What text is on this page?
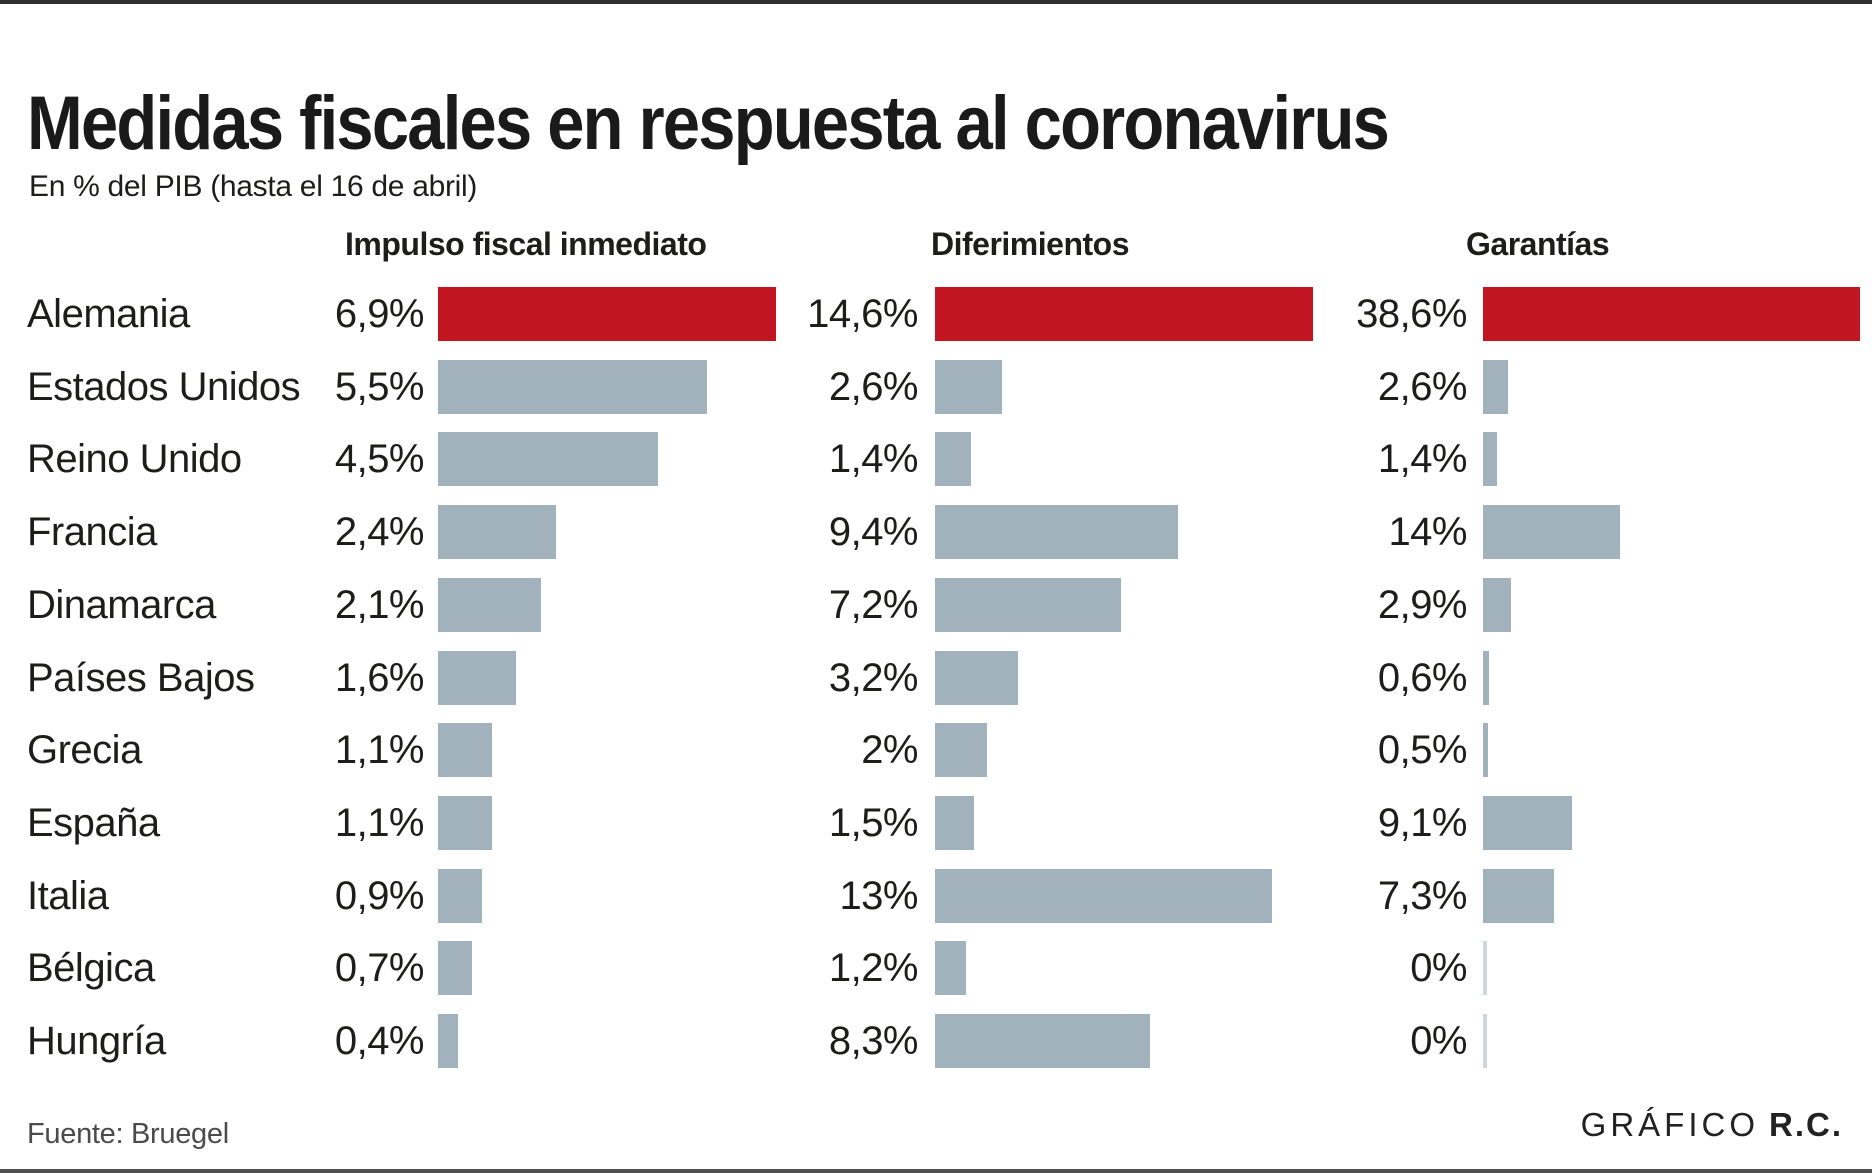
Medidas fiscales en respuesta al coronavirus
En % del PIB (hasta el 16 de abril)
Impulso fiscal inmediato	Diferimientos	Garantías
Alemania	6,9%	14,6%	38,6%
Estados Unidos 5,5%	2,6%	2,6%
Reino Unido	4,5%	1,4%	1,4%
Francia	2,4%	9,4%	14%
Dinamarca	2,1%	7,2%	2,9%
Países Bajos	1,6%	3,2%	0,6%
Grecia	1,1%	2%	0,5%
España	1,1%	1,5%	9,1%
Italia	0,9%	13%	7,3%
Bélgica	0,7%	1,2%	0%
Hungría	0,4%	8,3%	0%
Fuente: Bruegel	GRÁFICO R.C.
